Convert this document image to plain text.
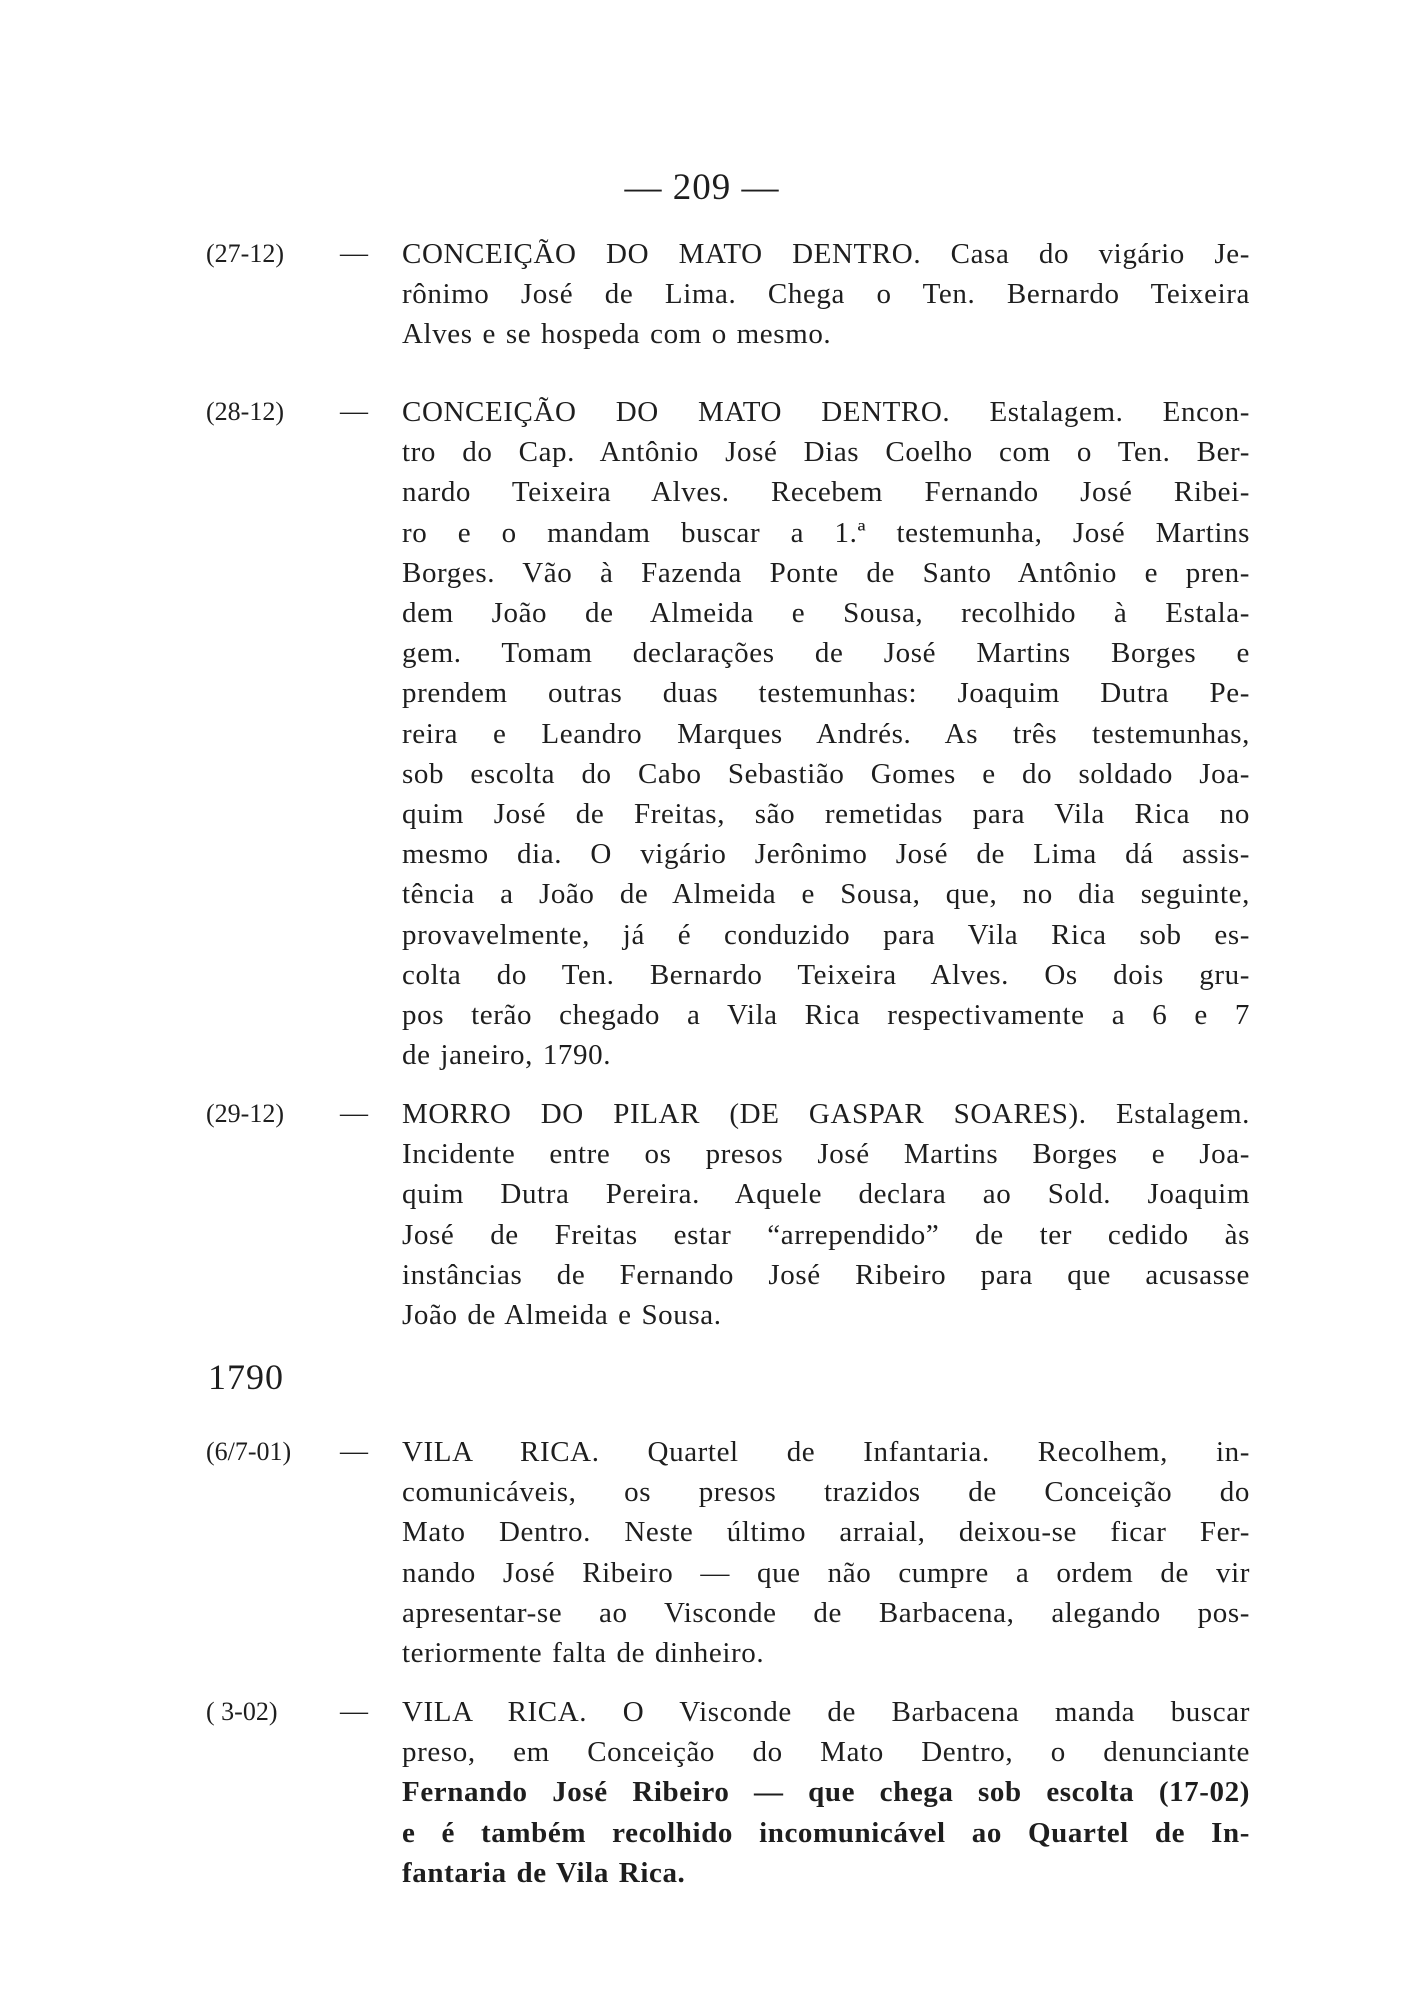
— 209 —
(27-12)	— CONCEIÇÃO DO MATO DENTRO. Casa do vigário Je-
rônimo José de Lima. Chega o Ten. Bernardo Teixeira
Alves e se hospeda com o mesmo.
(28-12)	— CONCEIÇÃO DO MATO DENTRO. Estalagem. Encon-
tro do Cap. Antônio José Dias Coelho com o Ten. Ber-
nardo Teixeira Alves. Recebem Fernando José Ribei-
ro e o mandam buscar a 1.ª testemunha, José Martins
Borges. Vão à Fazenda Ponte de Santo Antônio e pren-
dem João de Almeida e Sousa, recolhido à Estala-
gem. Tomam declarações de José Martins Borges e
prendem outras duas testemunhas: Joaquim Dutra Pe-
reira e Leandro Marques Andrés. As três testemunhas,
sob escolta do Cabo Sebastião Gomes e do soldado Joa-
quim José de Freitas, são remetidas para Vila Rica no
mesmo dia. O vigário Jerônimo José de Lima dá assis-
tência a João de Almeida e Sousa, que, no dia seguinte,
provavelmente, já é conduzido para Vila Rica sob es-
colta do Ten. Bernardo Teixeira Alves. Os dois gru-
pos terão chegado a Vila Rica respectivamente a 6 e 7
de janeiro, 1790.
(29-12)	— MORRO DO PILAR (DE GASPAR SOARES). Estalagem.
Incidente entre os presos José Martins Borges e Joa-
quim Dutra Pereira. Aquele declara ao Sold. Joaquim
José de Freitas estar “arrependido” de ter cedido às
instâncias de Fernando José Ribeiro para que acusasse
João de Almeida e Sousa.
1790
(6/7-01)	— VILA RICA. Quartel de Infantaria. Recolhem, in-
comunicáveis, os presos trazidos de Conceição do
Mato Dentro. Neste último arraial, deixou-se ficar Fer-
nando José Ribeiro — que não cumpre a ordem de vir
apresentar-se ao Visconde de Barbacena, alegando pos-
teriormente falta de dinheiro.
( 3-02)	— VILA RICA. O Visconde de Barbacena manda buscar
preso, em Conceição do Mato Dentro, o denunciante
Fernando José Ribeiro — que chega sob escolta (17-02)
e é também recolhido incomunicável ao Quartel de In-
fantaria de Vila Rica.
